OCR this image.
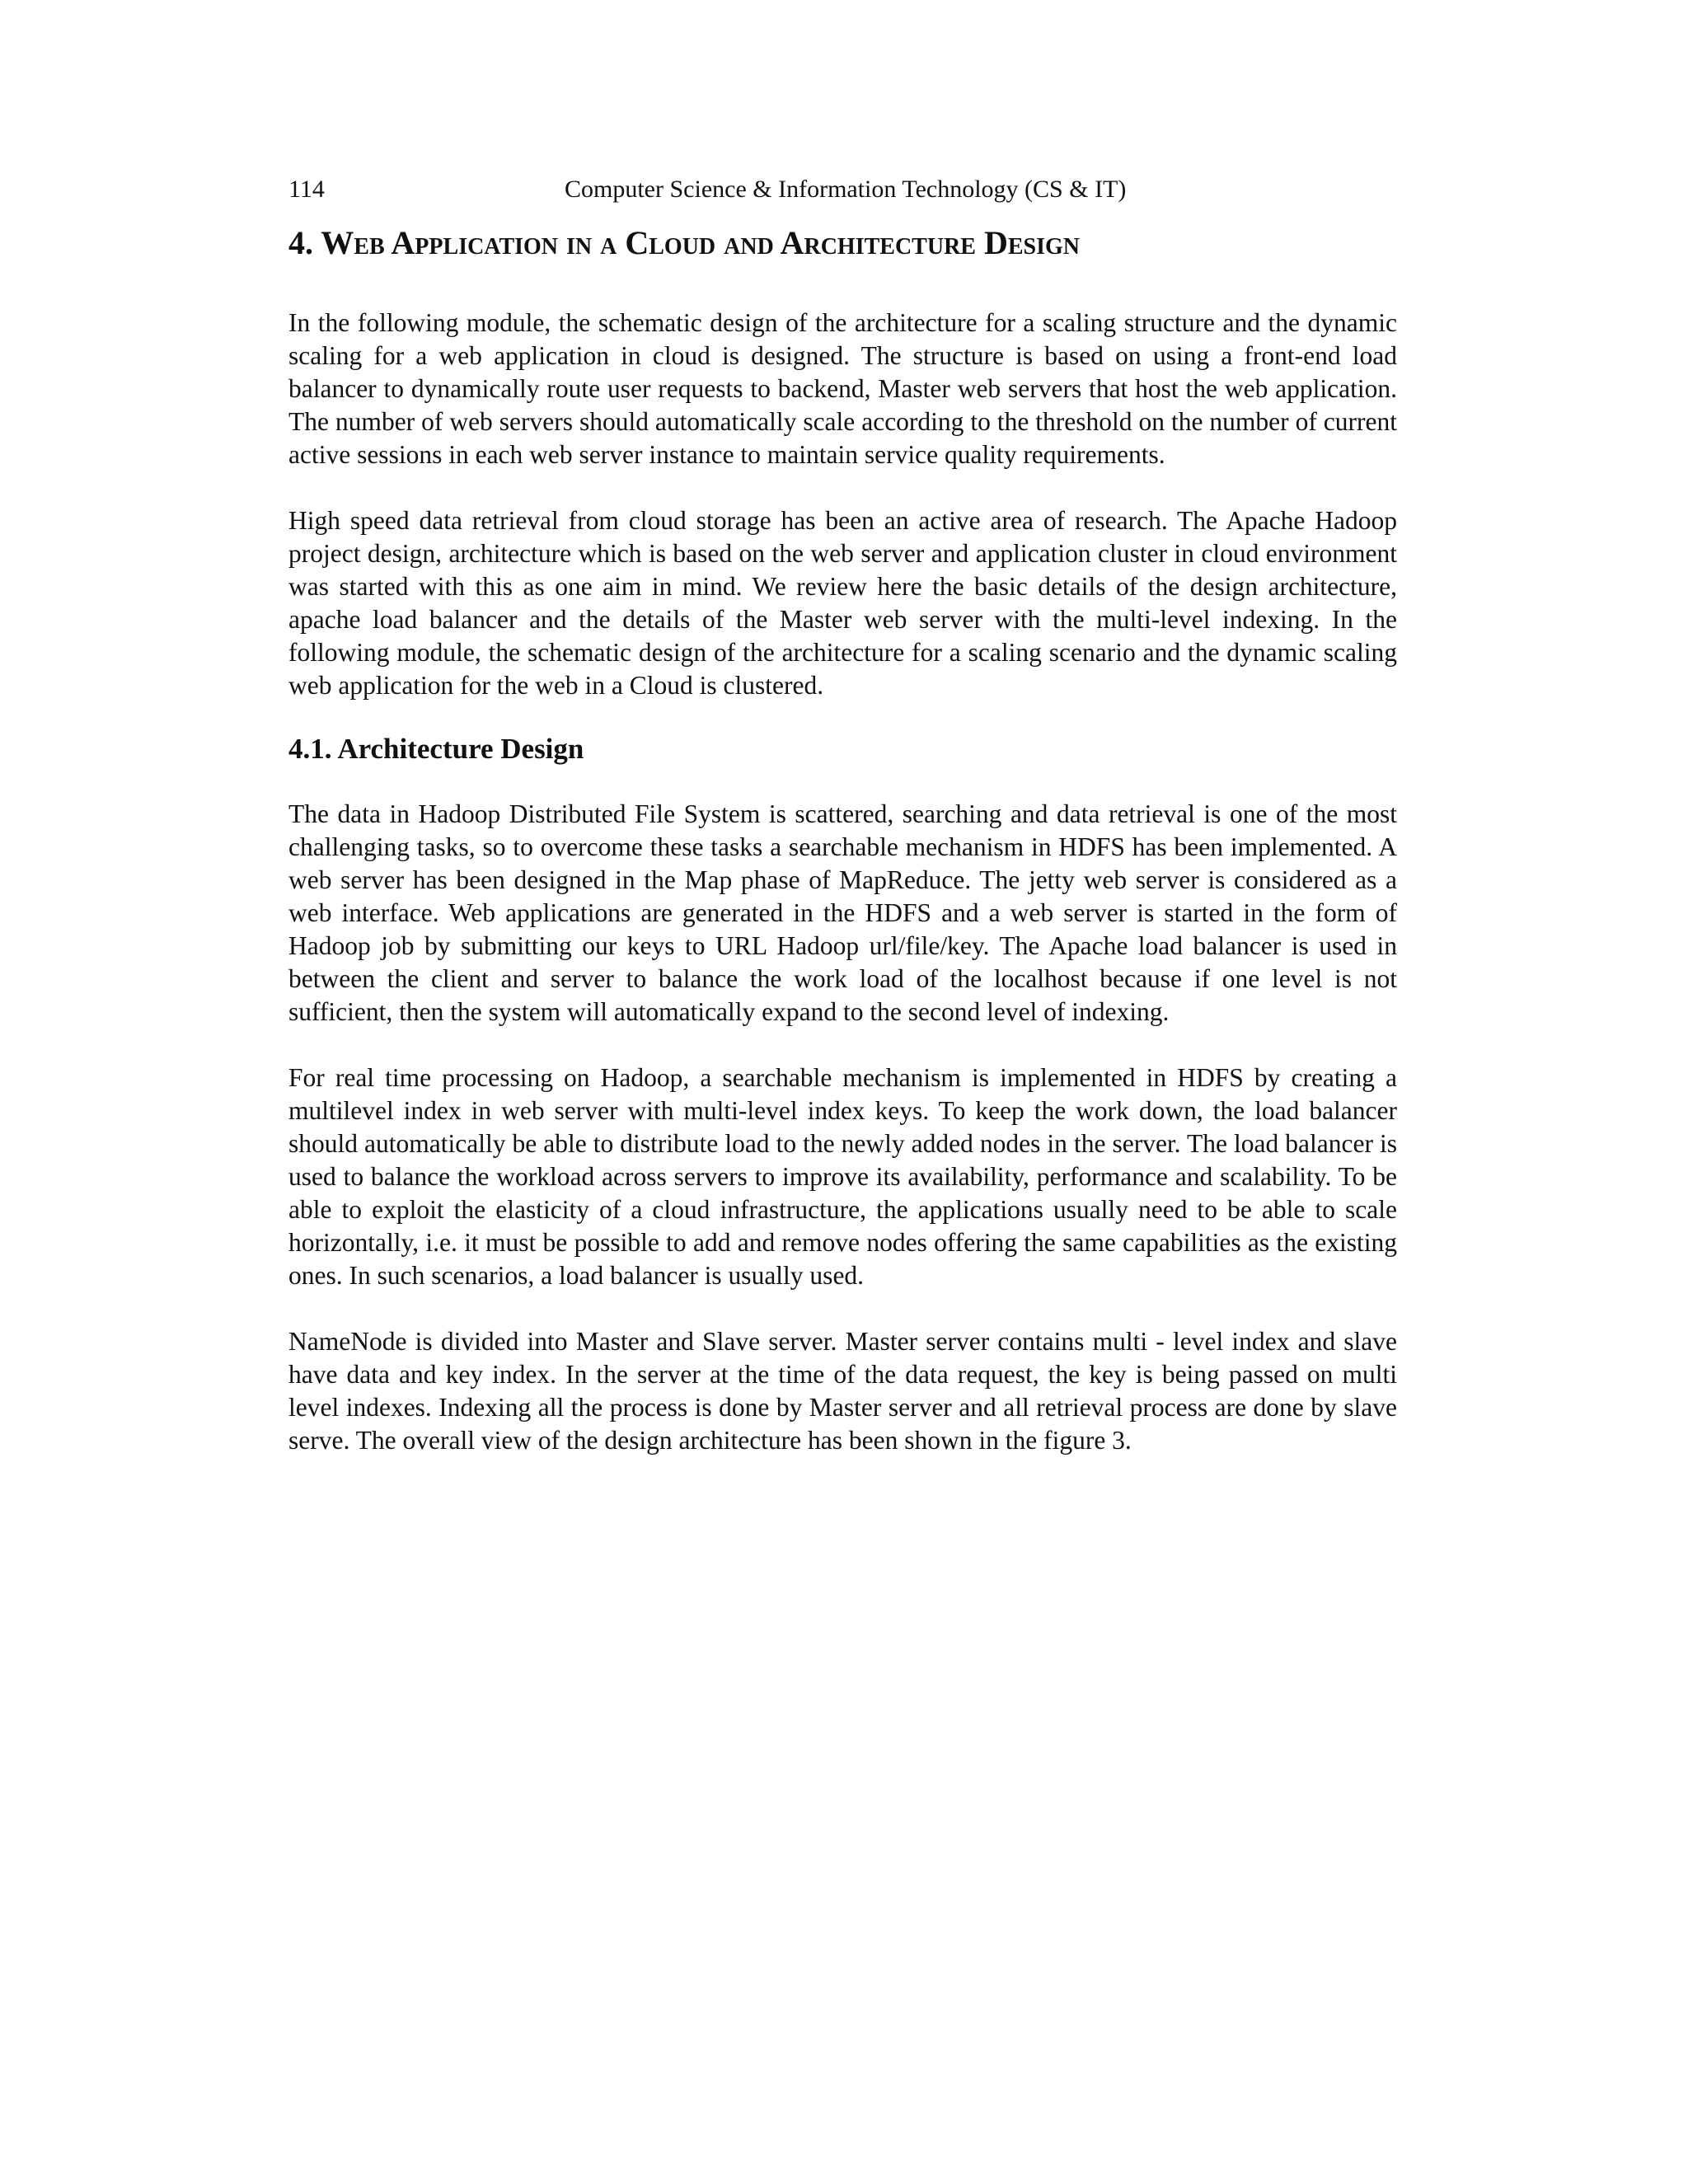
114	Computer Science & Information Technology (CS & IT)
4. Web Application in a Cloud and Architecture Design

In the following module, the schematic design of the architecture for a scaling structure and the dynamic scaling for a web application in cloud is designed. The structure is based on using a front-end load balancer to dynamically route user requests to backend, Master web servers that host the web application. The number of web servers should automatically scale according to the threshold on the number of current active sessions in each web server instance to maintain service quality requirements.

High speed data retrieval from cloud storage has been an active area of research. The Apache Hadoop project design, architecture which is based on the web server and application cluster in cloud environment was started with this as one aim in mind. We review here the basic details of the design architecture, apache load balancer and the details of the Master web server with the multi-level indexing. In the following module, the schematic design of the architecture for a scaling scenario and the dynamic scaling web application for the web in a Cloud is clustered.

4.1. Architecture Design

The data in Hadoop Distributed File System is scattered, searching and data retrieval is one of the most challenging tasks, so to overcome these tasks a searchable mechanism in HDFS has been implemented. A web server has been designed in the Map phase of MapReduce. The jetty web server is considered as a web interface. Web applications are generated in the HDFS and a web server is started in the form of Hadoop job by submitting our keys to URL Hadoop url/file/key. The Apache load balancer is used in between the client and server to balance the work load of the localhost because if one level is not sufficient, then the system will automatically expand to the second level of indexing.

For real time processing on Hadoop, a searchable mechanism is implemented in HDFS by creating a multilevel index in web server with multi-level index keys. To keep the work down, the load balancer should automatically be able to distribute load to the newly added nodes in the server. The load balancer is used to balance the workload across servers to improve its availability, performance and scalability. To be able to exploit the elasticity of a cloud infrastructure, the applications usually need to be able to scale horizontally, i.e. it must be possible to add and remove nodes offering the same capabilities as the existing ones. In such scenarios, a load balancer is usually used.

NameNode is divided into Master and Slave server. Master server contains multi - level index and slave have data and key index. In the server at the time of the data request, the key is being passed on multi level indexes. Indexing all the process is done by Master server and all retrieval process are done by slave serve. The overall view of the design architecture has been shown in the figure 3.
